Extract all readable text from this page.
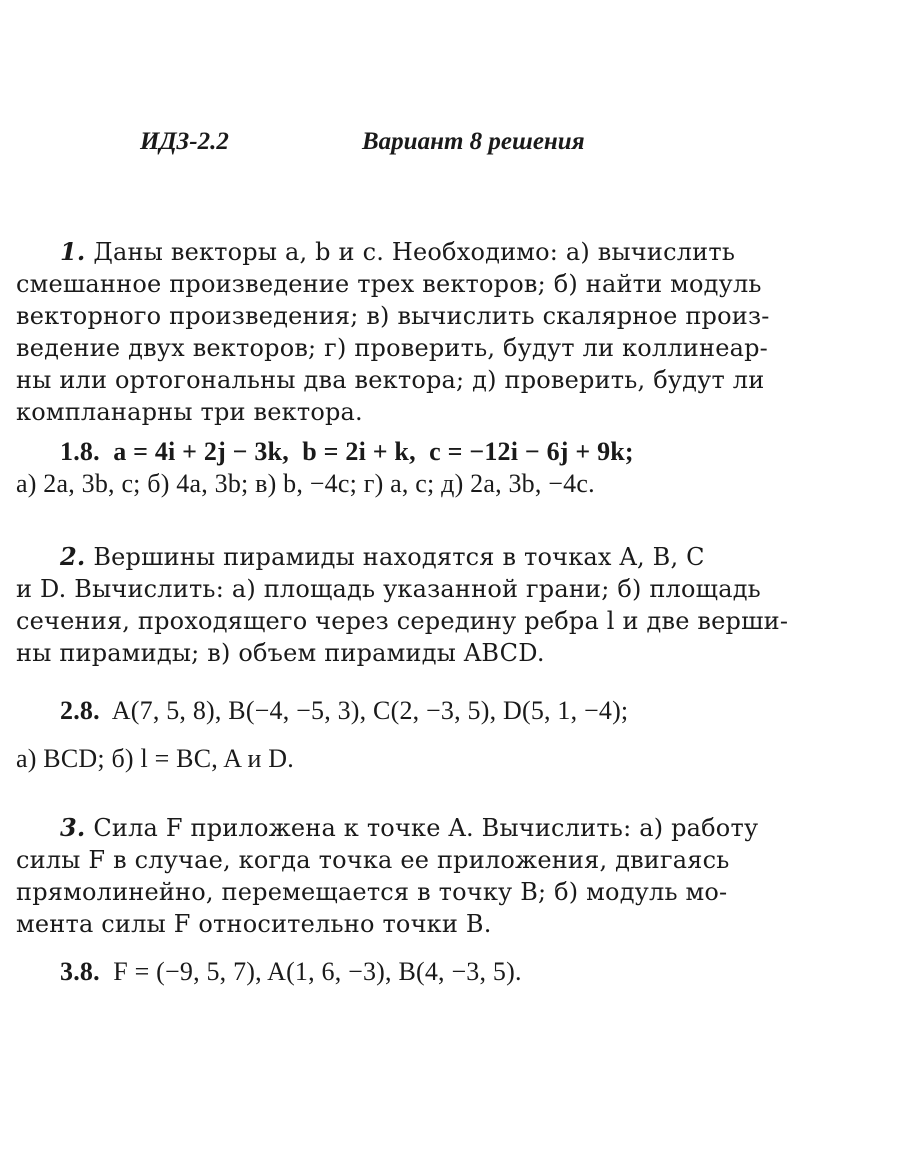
ИДЗ-2.2	Вариант 8 решения
1. Даны векторы a, b и c. Необходимо: а) вычислить
смешанное произведение трех векторов; б) найти модуль
векторного произведения; в) вычислить скалярное произ-
ведение двух векторов; г) проверить, будут ли коллинеар-
ны или ортогональны два вектора; д) проверить, будут ли
компланарны три вектора.
1.8. a = 4i + 2j − 3k,  b = 2i + k,  c = −12i − 6j + 9k;
а) 2a, 3b, c; б) 4a, 3b; в) b, −4c; г) a, c; д) 2a, 3b, −4c.
2. Вершины пирамиды находятся в точках A, B, C
и D. Вычислить: а) площадь указанной грани; б) площадь
сечения, проходящего через середину ребра l и две верши-
ны пирамиды; в) объем пирамиды ABCD.
2.8. A(7, 5, 8), B(−4, −5, 3), C(2, −3, 5), D(5, 1, −4);
а) BCD; б) l = BC, A и D.
3. Сила F приложена к точке A. Вычислить: а) работу
силы F в случае, когда точка ее приложения, двигаясь
прямолинейно, перемещается в точку B; б) модуль мо-
мента силы F относительно точки B.
3.8. F = (−9, 5, 7), A(1, 6, −3), B(4, −3, 5).
